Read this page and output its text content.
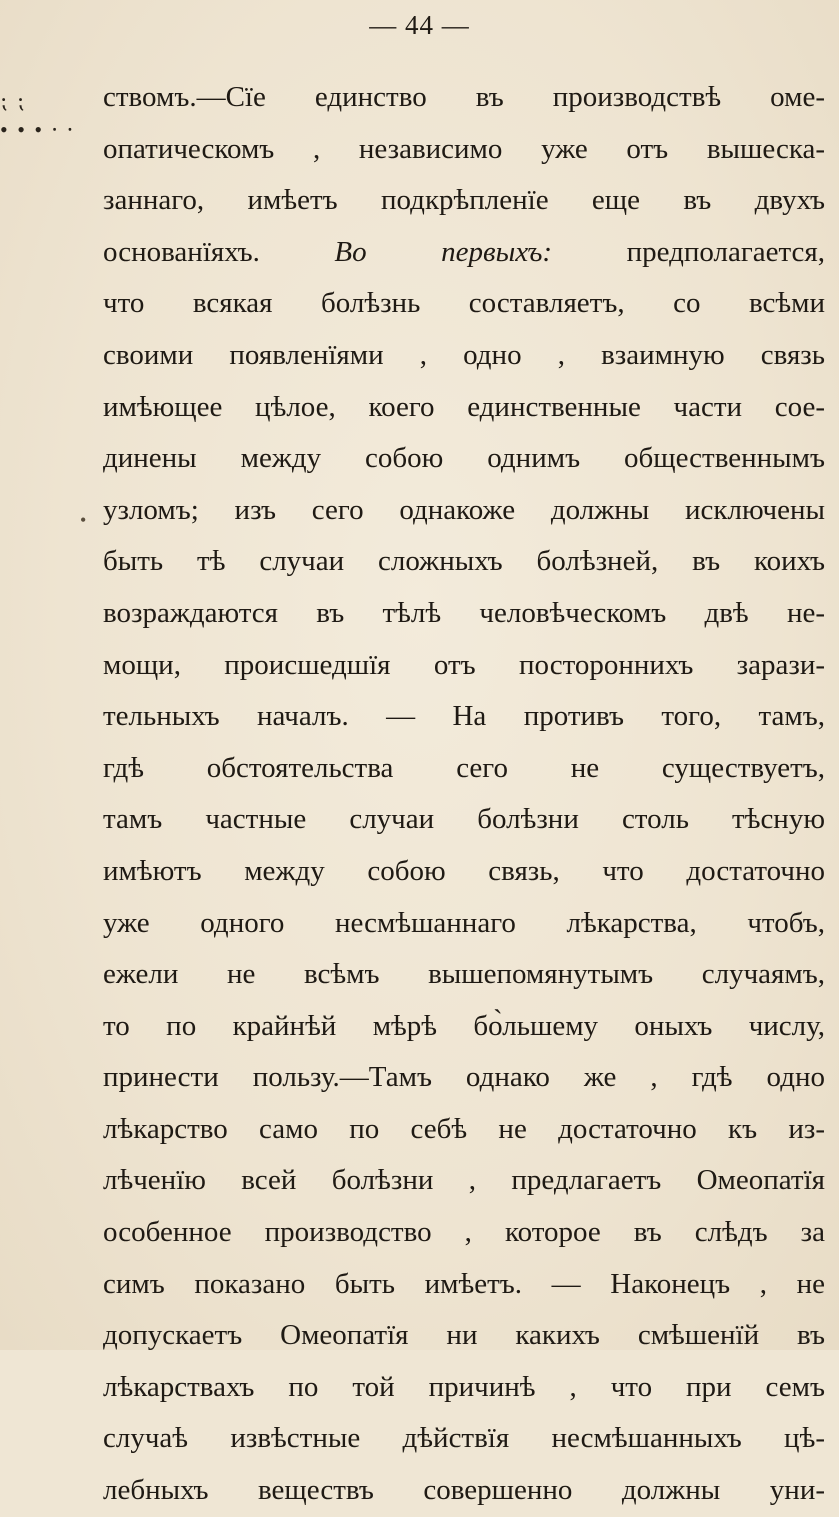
— 44 —
⁏ ⁏
• • • ⸱ ⸱
•
ствомъ.—Сїе единство въ производствѣ оме-
опатическомъ , независимо уже отъ вышеска-
заннаго, имѣетъ подкрѣпленїе еще въ двухъ
основанїяхъ. Во первыхъ: предполагается,
что всякая болѣзнь составляетъ, со всѣми
своими появленїями , одно , взаимную связь
имѣющее цѣлое, коего единственные части сое-
динены между собою однимъ общественнымъ
узломъ; изъ сего однакоже должны исключены
быть тѣ случаи сложныхъ болѣзней, въ коихъ
возраждаются въ тѣлѣ человѣческомъ двѣ не-
мощи, происшедшїя отъ постороннихъ зарази-
тельныхъ началъ. — На противъ того, тамъ,
гдѣ обстоятельства сего не существуетъ,
тамъ частные случаи болѣзни столь тѣсную
имѣютъ между собою связь, что достаточно
уже одного несмѣшаннаго лѣкарства, чтобъ,
ежели не всѣмъ вышепомянутымъ случаямъ,
то по крайнѣй мѣрѣ бо̀льшему оныхъ числу,
принести пользу.—Тамъ однако же , гдѣ одно
лѣкарство само по себѣ не достаточно къ из-
лѣченїю всей болѣзни , предлагаетъ Омеопатїя
особенное производство , которое въ слѣдъ за
симъ показано быть имѣетъ. — Наконецъ , не
допускаетъ Омеопатїя ни какихъ смѣшенїй въ
лѣкарствахъ по той причинѣ , что при семъ
случаѣ извѣстные дѣйствїя несмѣшанныхъ цѣ-
лебныхъ веществъ совершенно должны уни-
